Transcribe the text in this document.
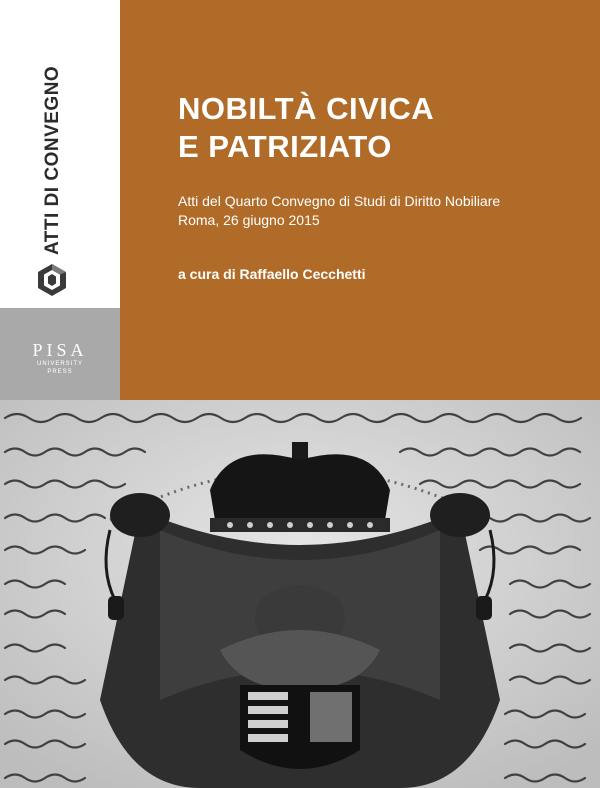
ATTI DI CONVEGNO
PISA
UNIVERSITY
PRESS
NOBILTÀ CIVICA
E PATRIZIATO
Atti del Quarto Convegno di Studi di Diritto Nobiliare
Roma, 26 giugno 2015
a cura di Raffaello Cecchetti
